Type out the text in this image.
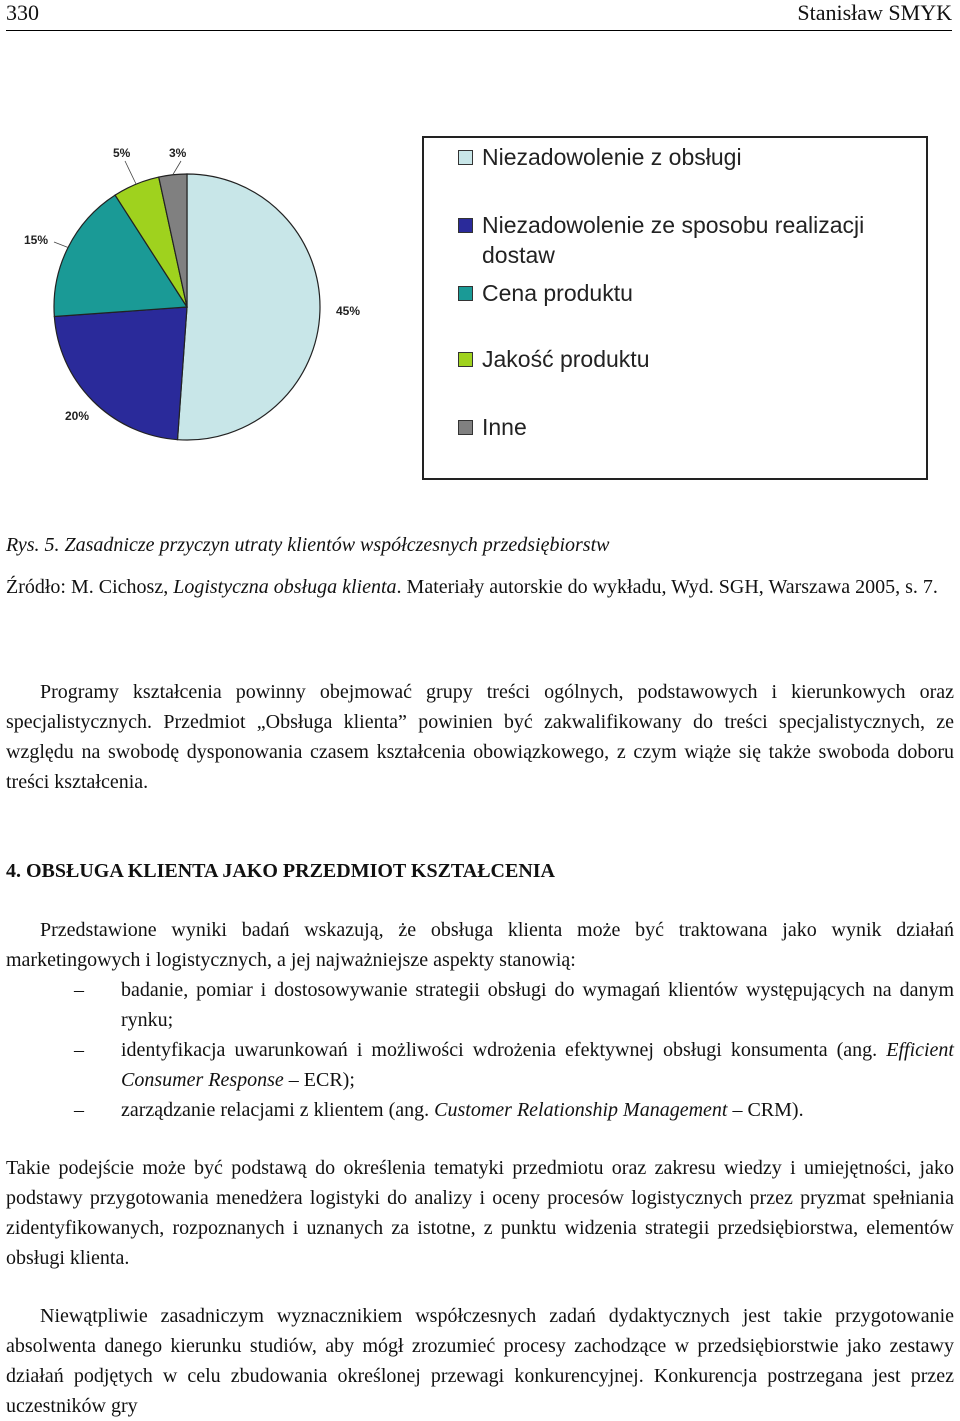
330	Stanisław SMYK
45%
20%
15%
5%	3%	Niezadowolenie z obsługi
Niezadowolenie ze sposobu realizacji dostaw
Cena produktu
Jakość produktu
Inne
Rys. 5. Zasadnicze przyczyn utraty klientów współczesnych przedsiębiorstw
Źródło: M. Cichosz, Logistyczna obsługa klienta. Materiały autorskie do wykładu, Wyd. SGH, Warszawa 2005, s. 7.

Programy kształcenia powinny obejmować grupy treści ogólnych, podstawowych i kierunkowych oraz specjalistycznych. Przedmiot „Obsługa klienta” powinien być zakwalifikowany do treści specjalistycznych, ze względu na swobodę dysponowania czasem kształcenia obowiązkowego, z czym wiąże się także swoboda doboru treści kształcenia.

4. OBSŁUGA KLIENTA JAKO PRZEDMIOT KSZTAŁCENIA

Przedstawione wyniki badań wskazują, że obsługa klienta może być traktowana jako wynik działań marketingowych i logistycznych, a jej najważniejsze aspekty stanowią:

– badanie, pomiar i dostosowywanie strategii obsługi do wymagań klientów występujących na danym rynku;
– identyfikacja uwarunkowań i możliwości wdrożenia efektywnej obsługi konsumenta (ang. Efficient Consumer Response – ECR);
– zarządzanie relacjami z klientem (ang. Customer Relationship Management – CRM).

Takie podejście może być podstawą do określenia tematyki przedmiotu oraz zakresu wiedzy i umiejętności, jako podstawy przygotowania menedżera logistyki do analizy i oceny procesów logistycznych przez pryzmat spełniania zidentyfikowanych, rozpoznanych i uznanych za istotne, z punktu widzenia strategii przedsiębiorstwa, elementów obsługi klienta.

Niewątpliwie zasadniczym wyznacznikiem współczesnych zadań dydaktycznych jest takie przygotowanie absolwenta danego kierunku studiów, aby mógł zrozumieć procesy zachodzące w przedsiębiorstwie jako zestawy działań podjętych w celu zbudowania określonej przewagi konkurencyjnej. Konkurencja postrzegana jest przez uczestników gry
